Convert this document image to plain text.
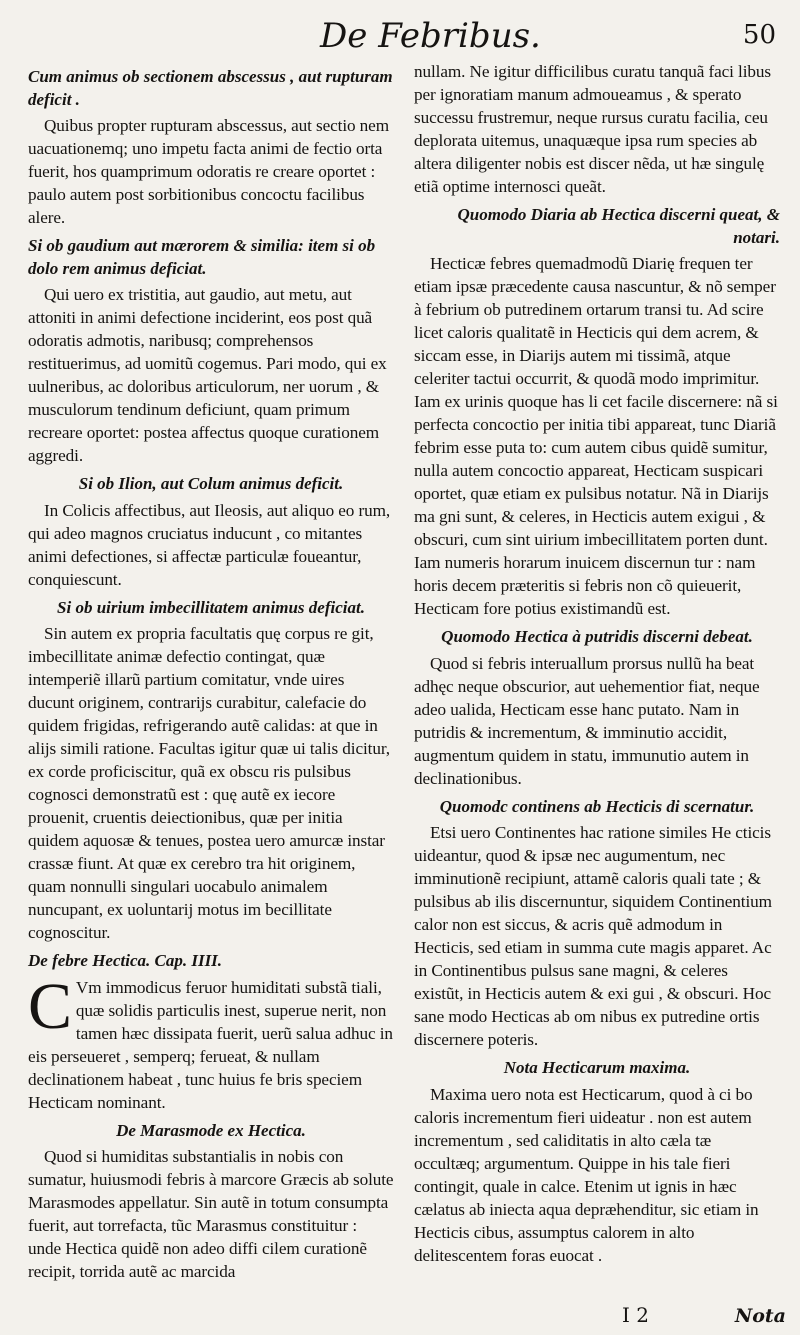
De Febribus.	50

Cum animus ob sectionem abscessus , aut rupturam deficit .

Quibus propter rupturam abscessus, aut sectio nem uacuationemq; uno impetu facta animi de fectio orta fuerit, hos quamprimum odoratis re creare oportet : paulo autem post sorbitionibus concoctu facilibus alere.

Si ob gaudium aut mærorem & similia: item si ob dolo rem animus deficiat.

Qui uero ex tristitia, aut gaudio, aut metu, aut attoniti in animi defectione inciderint, eos post quã odoratis admotis, naribusq; comprehensos restituerimus, ad uomitũ cogemus. Pari modo, qui ex uulneribus, ac doloribus articulorum, ner uorum , & musculorum tendinum deficiunt, quam primum recreare oportet: postea affectus quoque curationem aggredi.

Si ob Ilion, aut Colum animus deficit.

In Colicis affectibus, aut Ileosis, aut aliquo eo rum, qui adeo magnos cruciatus inducunt , co mitantes animi defectiones, si affectæ particulæ foueantur, conquiescunt.

Si ob uirium imbecillitatem animus deficiat.

Sin autem ex propria facultatis quę corpus re git, imbecillitate animæ defectio contingat, quæ intemperiẽ illarũ partium comitatur, vnde uires ducunt originem, contrarijs curabitur, calefacie do quidem frigidas, refrigerando autẽ calidas: at que in alijs simili ratione. Facultas igitur quæ ui talis dicitur, ex corde proficiscitur, quã ex obscu ris pulsibus cognosci demonstratũ est : quę autẽ ex iecore prouenit, cruentis deiectionibus, quæ per initia quidem aquosæ & tenues, postea uero amurcæ instar crassæ fiunt. At quæ ex cerebro tra hit originem, quam nonnulli singulari uocabulo animalem nuncupant, ex uoluntarij motus im becillitate cognoscitur.

De febre Hectica. Cap. IIII.

C Vm immodicus feruor humiditati substã tiali, quæ solidis particulis inest, superue nerit, non tamen hæc dissipata fuerit, uerũ salua adhuc in eis perseueret , semperq; ferueat, & nullam declinationem habeat , tunc huius fe bris speciem Hecticam nominant.

De Marasmode ex Hectica.

Quod si humiditas substantialis in nobis con sumatur, huiusmodi febris à marcore Græcis ab solute Marasmodes appellatur. Sin autẽ in totum consumpta fuerit, aut torrefacta, tũc Marasmus constituitur : unde Hectica quidẽ non adeo diffi cilem curationẽ recipit, torrida autẽ ac marcida

nullam. Ne igitur difficilibus curatu tanquã faci libus per ignoratiam manum admoueamus , & sperato successu frustremur, neque rursus curatu facilia, ceu deplorata uitemus, unaquæque ipsa rum species ab altera diligenter nobis est discer nẽda, ut hæ singulę etiã optime internosci queãt.

Quomodo Diaria ab Hectica discerni queat, & notari.

Hecticæ febres quemadmodũ Diarię frequen ter etiam ipsæ præcedente causa nascuntur, & nõ semper à febrium ob putredinem ortarum transi tu. Ad scire licet caloris qualitatẽ in Hecticis qui dem acrem, & siccam esse, in Diarijs autem mi tissimã, atque celeriter tactui occurrit, & quodã modo imprimitur. Iam ex urinis quoque has li cet facile discernere: nã si perfecta concoctio per initia tibi appareat, tunc Diariã febrim esse puta to: cum autem cibus quidẽ sumitur, nulla autem concoctio appareat, Hecticam suspicari oportet, quæ etiam ex pulsibus notatur. Nã in Diarijs ma gni sunt, & celeres, in Hecticis autem exigui , & obscuri, cum sint uirium imbecillitatem porten dunt. Iam numeris horarum inuicem discernun tur : nam horis decem præteritis si febris non cõ quieuerit, Hecticam fore potius existimandũ est.

Quomodo Hectica à putridis discerni debeat.

Quod si febris interuallum prorsus nullũ ha beat adhęc neque obscurior, aut uehementior fiat, neque adeo ualida, Hecticam esse hanc putato. Nam in putridis & incrementum, & imminutio accidit, augmentum quidem in statu, immunutio autem in declinationibus.

Quomodc continens ab Hecticis di scernatur.

Etsi uero Continentes hac ratione similes He cticis uideantur, quod & ipsæ nec augumentum, nec imminutionẽ recipiunt, attamẽ caloris quali tate ; & pulsibus ab ilis discernuntur, siquidem Continentium calor non est siccus, & acris quẽ admodum in Hecticis, sed etiam in summa cute magis apparet. Ac in Continentibus pulsus sane magni, & celeres existũt, in Hecticis autem & exi gui , & obscuri. Hoc sane modo Hecticas ab om nibus ex putredine ortis discernere poteris.

Nota Hecticarum maxima.

Maxima uero nota est Hecticarum, quod à ci bo caloris incrementum fieri uideatur . non est autem incrementum , sed caliditatis in alto cæla tæ occultæq; argumentum. Quippe in his tale fieri contingit, quale in calce. Etenim ut ignis in hæc cælatus ab iniecta aqua depræhenditur, sic etiam in Hecticis cibus, assumptus calorem in alto delitescentem foras euocat .

I 2	Nota
